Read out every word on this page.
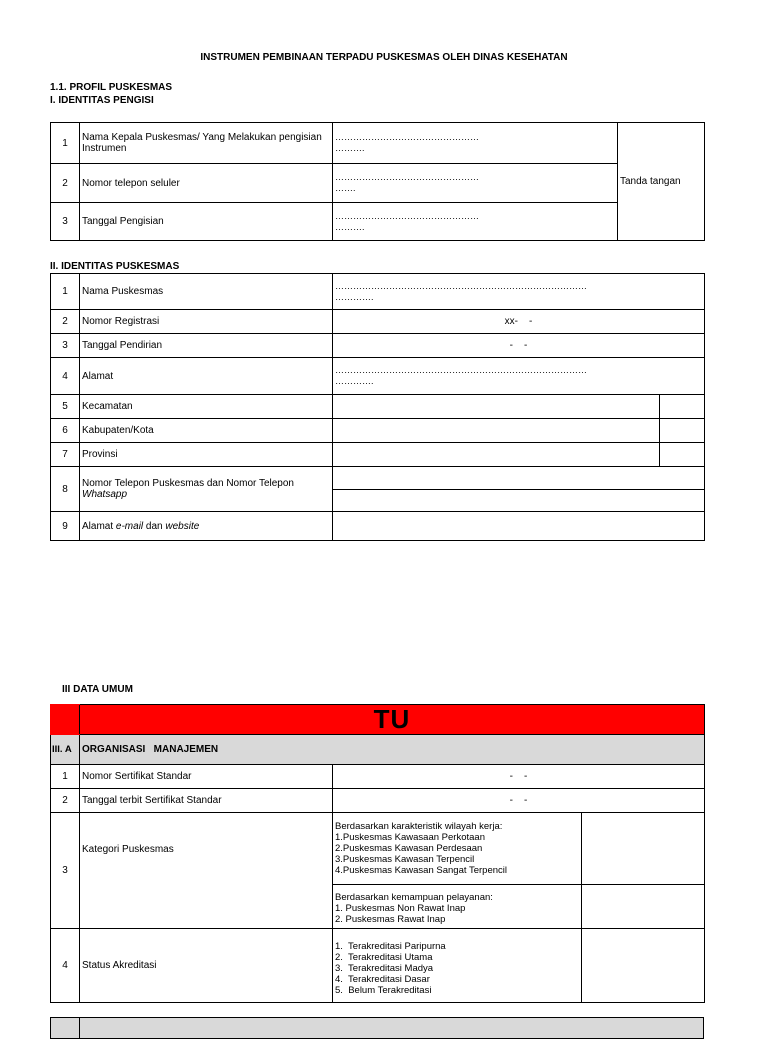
INSTRUMEN PEMBINAAN TERPADU PUSKESMAS OLEH DINAS KESEHATAN
1.1. PROFIL PUSKESMAS
I. IDENTITAS PENGISI
1	Nama Kepala Puskesmas/ Yang Melakukan pengisian Instrumen	…………………………………………
……….	Tanda tangan
2	Nomor telepon seluler	…………………………………………
…….	

3	Tanggal Pengisian	…………………………………………
……….	
II. IDENTITAS PUSKESMAS
1	Nama Puskesmas	
…………………………………………………………………………
………….

2	Nomor Registrasi	xx-    -
3	Tanggal Pendirian	-    -
4	Alamat	
…………………………………………………………………………
………….

5	Kecamatan		
6	Kabupaten/Kota		
7	Provinsi		
8	Nomor Telepon Puskesmas dan Nomor Telepon
Whatsapp

9	Alamat e-mail dan website	
III DATA UMUM
	TU		
III. A	ORGANISASI   MANAJEMEN		
1	Nomor Sertifikat Standar	-    -	
2	Tanggal terbit Sertifikat Standar	-    -	
3	Kategori Puskesmas	Berdasarkan karakteristik wilayah kerja:
1.Puskesmas Kawasaan Perkotaan
2.Puskesmas Kawasan Perdesaan
3.Puskesmas Kawasan Terpencil
4.Puskesmas Kawasan Sangat Terpencil	

		Berdasarkan kemampuan pelayanan:
1. Puskesmas Non Rawat Inap
2. Puskesmas Rawat Inap	

4	Status Akreditasi	1.  Terakreditasi Paripurna
2.  Terakreditasi Utama
3.  Terakreditasi Madya
4.  Terakreditasi Dasar
5.  Belum Terakreditasi	
